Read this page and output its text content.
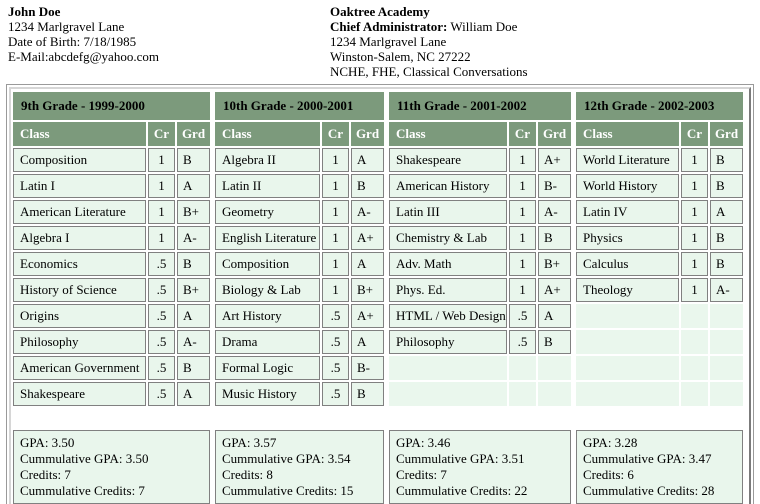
John Doe
1234 Marlgravel Lane
Date of Birth: 7/18/1985
E-Mail:abcdefg@yahoo.com
Oaktree Academy
Chief Administrator: William Doe
1234 Marlgravel Lane
Winston-Salem, NC 27222
NCHE, FHE, Classical Conversations
9th Grade - 1999-2000
Class	Cr Grd
Composition	1	B
Latin I	1	A
American Literature	1	B+
Algebra I	1	A-
Economics	.5	B
History of Science	.5	B+
Origins	.5	A
Philosophy	.5	A-
American Government	.5	B
Shakespeare	.5	A
GPA: 3.50
Cummulative GPA: 3.50
Credits: 7
Cummulative Credits: 7
10th Grade - 2000-2001
Class	Cr Grd
Algebra II	1	A
Latin II	1	B
Geometry	1	A-
English Literature	1	A+
Composition	1	A
Biology & Lab	1	B+
Art History	.5	A+
Drama	.5	A
Formal Logic	.5	B-
Music History	.5	B
GPA: 3.57
Cummulative GPA: 3.54
Credits: 8
Cummulative Credits: 15
11th Grade - 2001-2002
Class	Cr Grd
Shakespeare	1	A+
American History	1	B-
Latin III	1	A-
Chemistry & Lab	1	B
Adv. Math	1	B+
Phys. Ed.	1	A+
HTML / Web Design .5	A
Philosophy	.5	B
GPA: 3.46
Cummulative GPA: 3.51
Credits: 7
Cummulative Credits: 22
12th Grade - 2002-2003
Class	Cr Grd
World Literature	1	B
World History	1	B
Latin IV	1	A
Physics	1	B
Calculus	1	B
Theology	1	A-
GPA: 3.28
Cummulative GPA: 3.47
Credits: 6
Cummulative Credits: 28
